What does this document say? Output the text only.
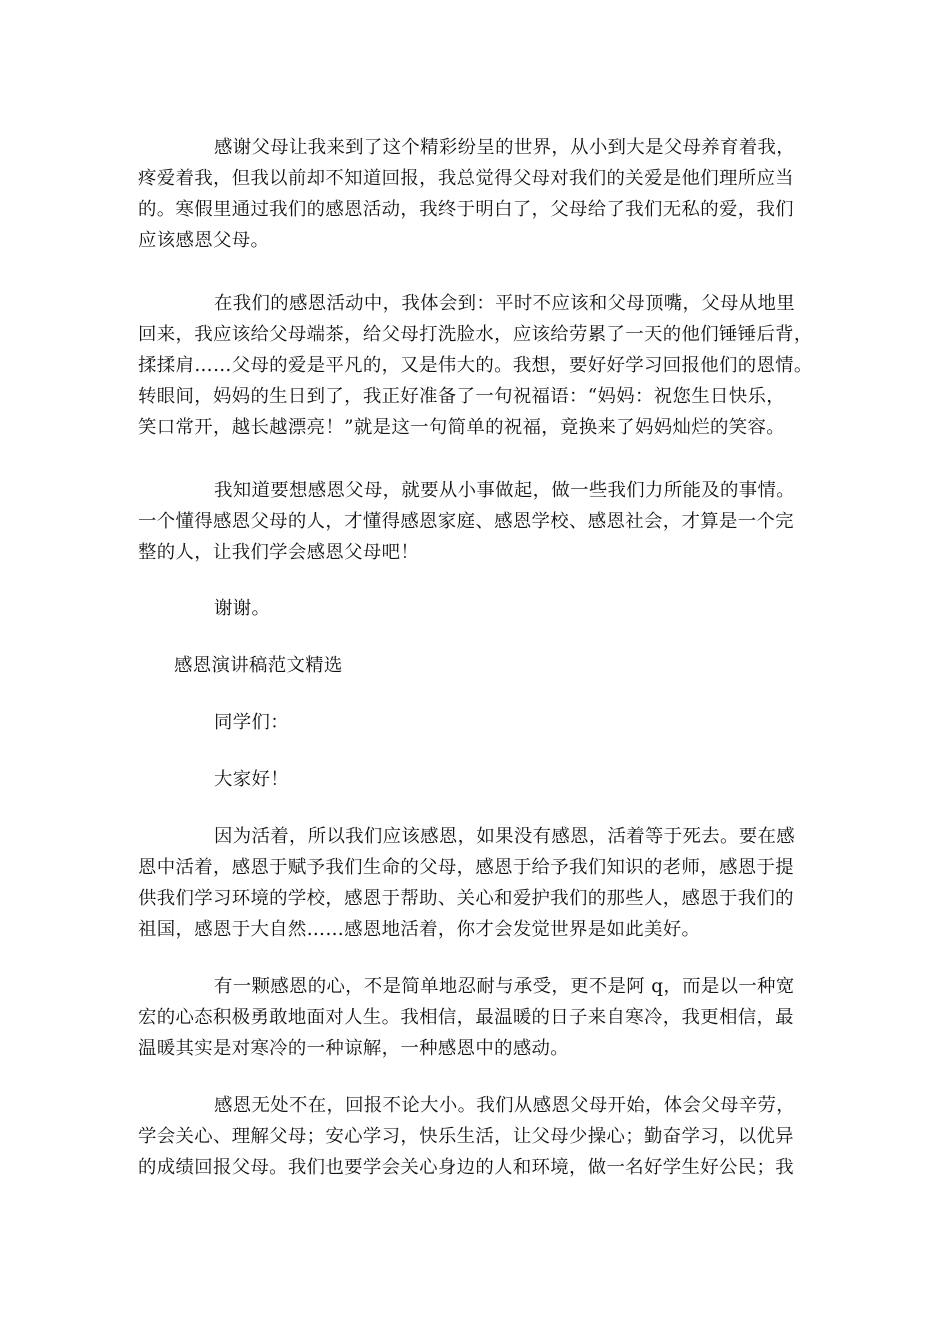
感谢父母让我来到了这个精彩纷呈的世界，从小到大是父母养育着我，
疼爱着我，但我以前却不知道回报，我总觉得父母对我们的关爱是他们理所应当
的。寒假里通过我们的感恩活动，我终于明白了，父母给了我们无私的爱，我们
应该感恩父母。
在我们的感恩活动中，我体会到：平时不应该和父母顶嘴，父母从地里
回来，我应该给父母端茶，给父母打洗脸水，应该给劳累了一天的他们锤锤后背，
揉揉肩……父母的爱是平凡的，又是伟大的。我想，要好好学习回报他们的恩情。
转眼间，妈妈的生日到了，我正好准备了一句祝福语：“妈妈：祝您生日快乐，
笑口常开，越长越漂亮！”就是这一句简单的祝福，竟换来了妈妈灿烂的笑容。
我知道要想感恩父母，就要从小事做起，做一些我们力所能及的事情。
一个懂得感恩父母的人，才懂得感恩家庭、感恩学校、感恩社会，才算是一个完
整的人，让我们学会感恩父母吧！
谢谢。
感恩演讲稿范文精选
同学们：
大家好！
因为活着，所以我们应该感恩，如果没有感恩，活着等于死去。要在感
恩中活着，感恩于赋予我们生命的父母，感恩于给予我们知识的老师，感恩于提
供我们学习环境的学校，感恩于帮助、关心和爱护我们的那些人，感恩于我们的
祖国，感恩于大自然……感恩地活着，你才会发觉世界是如此美好。
有一颗感恩的心，不是简单地忍耐与承受，更不是阿 q，而是以一种宽
宏的心态积极勇敢地面对人生。我相信，最温暖的日子来自寒冷，我更相信，最
温暖其实是对寒冷的一种谅解，一种感恩中的感动。
感恩无处不在，回报不论大小。我们从感恩父母开始，体会父母辛劳，
学会关心、理解父母；安心学习，快乐生活，让父母少操心；勤奋学习，以优异
的成绩回报父母。我们也要学会关心身边的人和环境，做一名好学生好公民；我
